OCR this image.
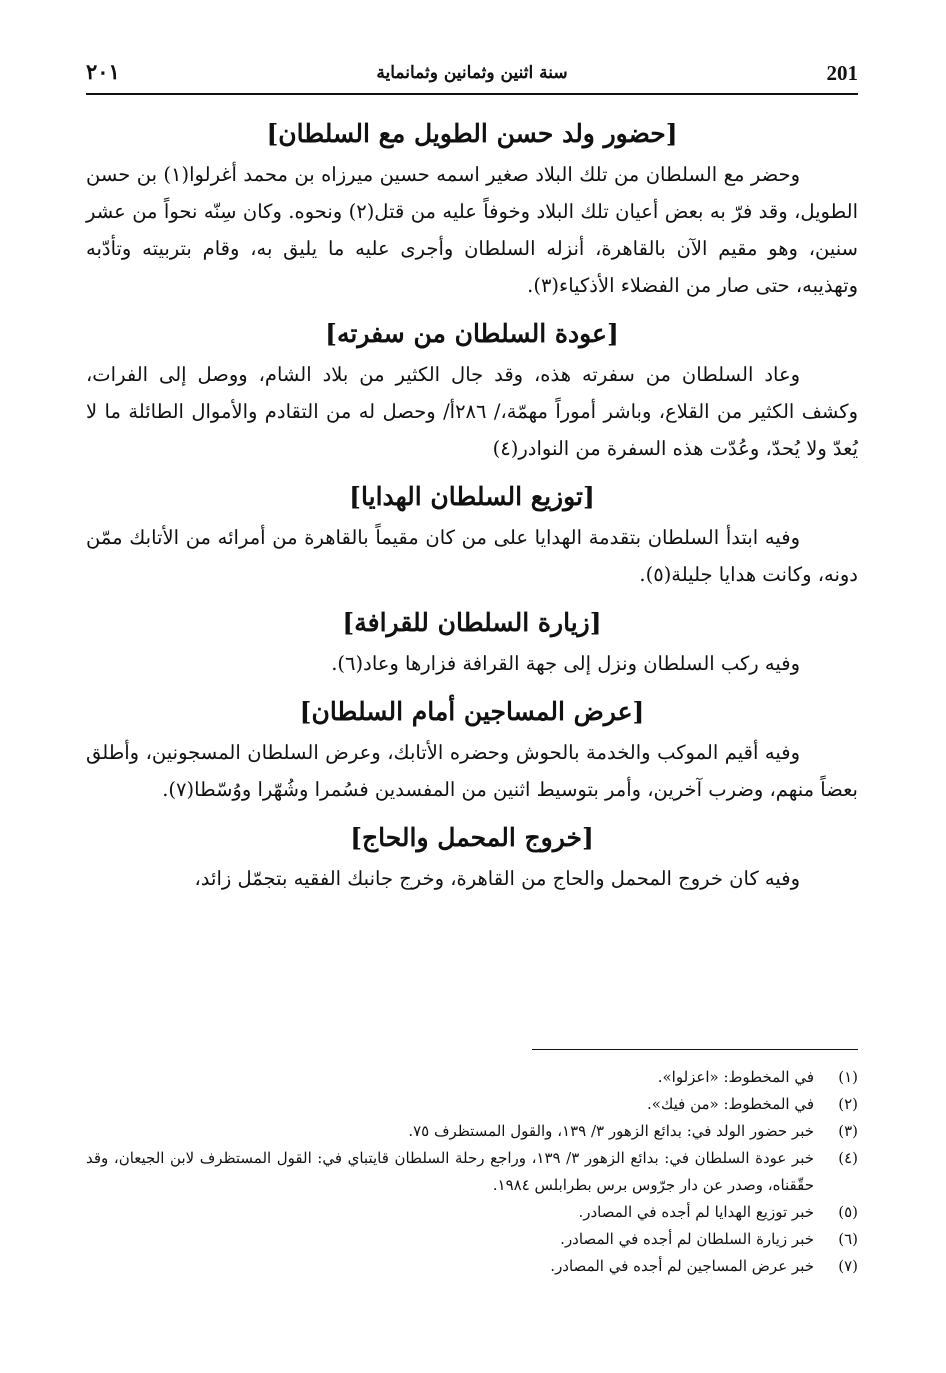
201
سنة اثنين وثمانين وثمانماية
٢٠١
[حضور ولد حسن الطويل مع السلطان]

وحضر مع السلطان من تلك البلاد صغير اسمه حسين ميرزاه بن محمد أغرلوا(١) بن حسن الطويل، وقد فرّ به بعض أعيان تلك البلاد وخوفاً عليه من قتل(٢) ونحوه. وكان سِنّه نحواً من عشر سنين، وهو مقيم الآن بالقاهرة، أنزله السلطان وأجرى عليه ما يليق به، وقام بتربيته وتأدّبه وتهذيبه، حتى صار من الفضلاء الأذكياء(٣).

[عودة السلطان من سفرته]

وعاد السلطان من سفرته هذه، وقد جال الكثير من بلاد الشام، ووصل إلى الفرات، وكشف الكثير من القلاع، وباشر أموراً مهمّة،/ ٢٨٦أ/ وحصل له من التقادم والأموال الطائلة ما لا يُعدّ ولا يُحدّ، وعُدّت هذه السفرة من النوادر(٤)

[توزيع السلطان الهدايا]

وفيه ابتدأ السلطان بتقدمة الهدايا على من كان مقيماً بالقاهرة من أمرائه من الأتابك ممّن دونه، وكانت هدايا جليلة(٥).

[زيارة السلطان للقرافة]

وفيه ركب السلطان ونزل إلى جهة القرافة فزارها وعاد(٦).

[عرض المساجين أمام السلطان]

وفيه أقيم الموكب والخدمة بالحوش وحضره الأتابك، وعرض السلطان المسجونين، وأطلق بعضاً منهم، وضرب آخرين، وأمر بتوسيط اثنين من المفسدين فسُمرا وشُهّرا ووُسّطا(٧).

[خروج المحمل والحاج]

وفيه كان خروج المحمل والحاج من القاهرة، وخرج جانبك الفقيه بتجمّل زائد،

(١)
في المخطوط: «اعزلوا».
(٢)
في المخطوط: «من فيك».
(٣)
خبر حضور الولد في: بدائع الزهور ٣/ ١٣٩، والقول المستظرف ٧٥.
(٤)
خبر عودة السلطان في: بدائع الزهور ٣/ ١٣٩، وراجع رحلة السلطان قايتباي في: القول المستظرف لابن الجيعان، وقد حقّقناه، وصدر عن دار جرّوس برس بطرابلس ١٩٨٤.
(٥)
خبر توزيع الهدايا لم أجده في المصادر.
(٦)
خبر زيارة السلطان لم أجده في المصادر.
(٧)
خبر عرض المساجين لم أجده في المصادر.
